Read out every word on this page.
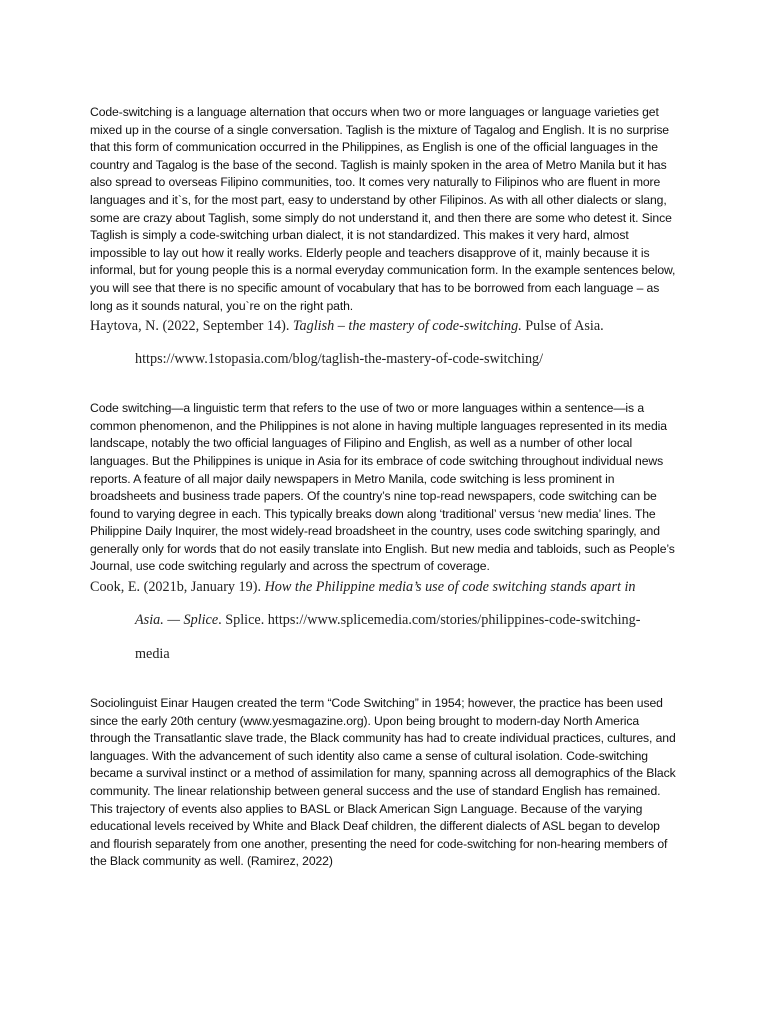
Code-switching is a language alternation that occurs when two or more languages or language varieties get mixed up in the course of a single conversation. Taglish is the mixture of Tagalog and English. It is no surprise that this form of communication occurred in the Philippines, as English is one of the official languages in the country and Tagalog is the base of the second. Taglish is mainly spoken in the area of Metro Manila but it has also spread to overseas Filipino communities, too. It comes very naturally to Filipinos who are fluent in more languages and it`s, for the most part, easy to understand by other Filipinos. As with all other dialects or slang, some are crazy about Taglish, some simply do not understand it, and then there are some who detest it. Since Taglish is simply a code-switching urban dialect, it is not standardized. This makes it very hard, almost impossible to lay out how it really works. Elderly people and teachers disapprove of it, mainly because it is informal, but for young people this is a normal everyday communication form. In the example sentences below, you will see that there is no specific amount of vocabulary that has to be borrowed from each language – as long as it sounds natural, you`re on the right path.

Haytova, N. (2022, September 14). Taglish – the mastery of code-switching. Pulse of Asia.

https://www.1stopasia.com/blog/taglish-the-mastery-of-code-switching/

Code switching—a linguistic term that refers to the use of two or more languages within a sentence—is a common phenomenon, and the Philippines is not alone in having multiple languages represented in its media landscape, notably the two official languages of Filipino and English, as well as a number of other local languages. But the Philippines is unique in Asia for its embrace of code switching throughout individual news reports. A feature of all major daily newspapers in Metro Manila, code switching is less prominent in broadsheets and business trade papers. Of the country’s nine top-read newspapers, code switching can be found to varying degree in each. This typically breaks down along ‘traditional’ versus ‘new media’ lines. The Philippine Daily Inquirer, the most widely-read broadsheet in the country, uses code switching sparingly, and generally only for words that do not easily translate into English. But new media and tabloids, such as People’s Journal, use code switching regularly and across the spectrum of coverage.

Cook, E. (2021b, January 19). How the Philippine media’s use of code switching stands apart in

Asia. — Splice. Splice. https://www.splicemedia.com/stories/philippines-code-switching-

media

Sociolinguist Einar Haugen created the term “Code Switching” in 1954; however, the practice has been used since the early 20th century (www.yesmagazine.org). Upon being brought to modern-day North America through the Transatlantic slave trade, the Black community has had to create individual practices, cultures, and languages. With the advancement of such identity also came a sense of cultural isolation. Code-switching became a survival instinct or a method of assimilation for many, spanning across all demographics of the Black community. The linear relationship between general success and the use of standard English has remained. This trajectory of events also applies to BASL or Black American Sign Language. Because of the varying educational levels received by White and Black Deaf children, the different dialects of ASL began to develop and flourish separately from one another, presenting the need for code-switching for non-hearing members of the Black community as well. (Ramirez, 2022)
